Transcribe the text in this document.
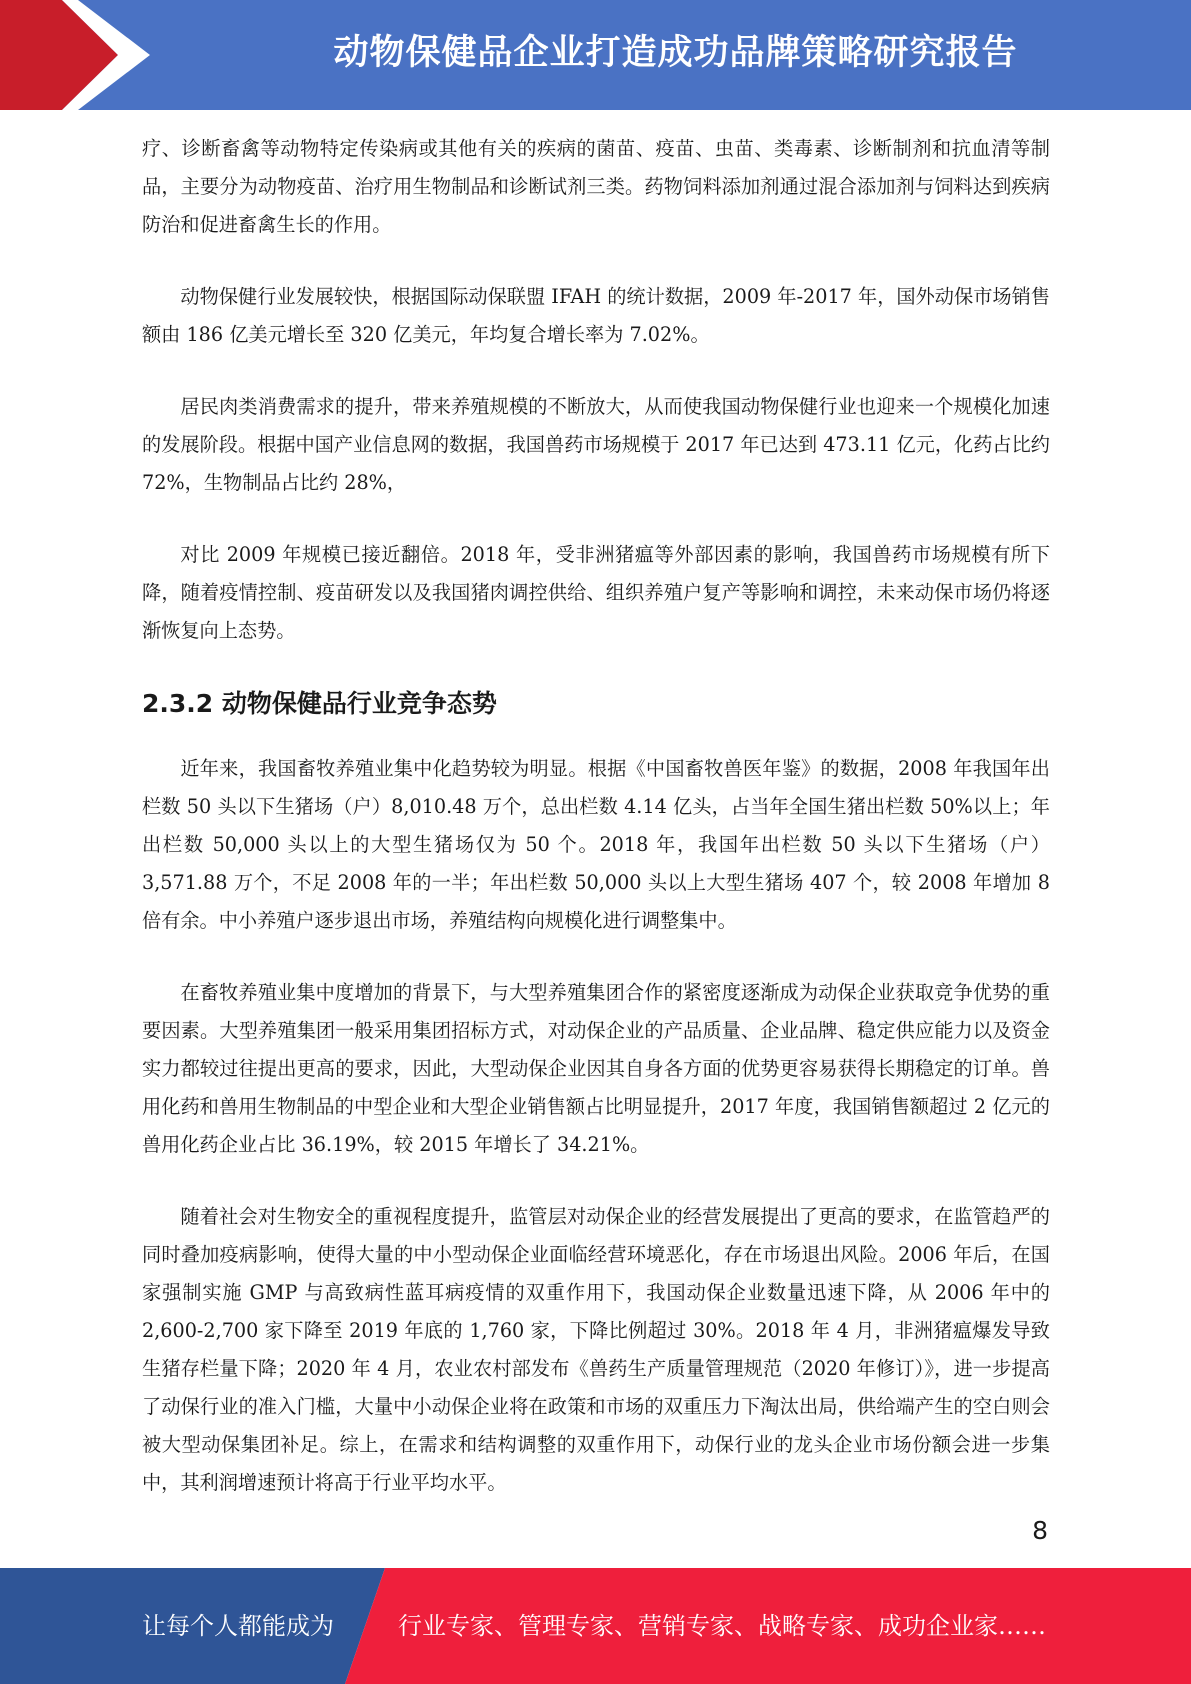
动物保健品企业打造成功品牌策略研究报告

疗、诊断畜禽等动物特定传染病或其他有关的疾病的菌苗、疫苗、虫苗、类毒素、诊断制剂和抗血清等制品，主要分为动物疫苗、治疗用生物制品和诊断试剂三类。药物饲料添加剂通过混合添加剂与饲料达到疾病防治和促进畜禽生长的作用。

动物保健行业发展较快，根据国际动保联盟 IFAH 的统计数据，2009 年-2017 年，国外动保市场销售额由 186 亿美元增长至 320 亿美元，年均复合增长率为 7.02%。

居民肉类消费需求的提升，带来养殖规模的不断放大，从而使我国动物保健行业也迎来一个规模化加速的发展阶段。根据中国产业信息网的数据，我国兽药市场规模于 2017 年已达到 473.11 亿元，化药占比约 72%，生物制品占比约 28%，

对比 2009 年规模已接近翻倍。2018 年，受非洲猪瘟等外部因素的影响，我国兽药市场规模有所下降，随着疫情控制、疫苗研发以及我国猪肉调控供给、组织养殖户复产等影响和调控，未来动保市场仍将逐渐恢复向上态势。

2.3.2 动物保健品行业竞争态势

近年来，我国畜牧养殖业集中化趋势较为明显。根据《中国畜牧兽医年鉴》的数据，2008 年我国年出栏数 50 头以下生猪场（户）8,010.48 万个，总出栏数 4.14 亿头，占当年全国生猪出栏数 50%以上；年出栏数 50,000 头以上的大型生猪场仅为 50 个。2018 年，我国年出栏数 50 头以下生猪场（户）3,571.88 万个，不足 2008 年的一半；年出栏数 50,000 头以上大型生猪场 407 个，较 2008 年增加 8 倍有余。中小养殖户逐步退出市场，养殖结构向规模化进行调整集中。

在畜牧养殖业集中度增加的背景下，与大型养殖集团合作的紧密度逐渐成为动保企业获取竞争优势的重要因素。大型养殖集团一般采用集团招标方式，对动保企业的产品质量、企业品牌、稳定供应能力以及资金实力都较过往提出更高的要求，因此，大型动保企业因其自身各方面的优势更容易获得长期稳定的订单。兽用化药和兽用生物制品的中型企业和大型企业销售额占比明显提升，2017 年度，我国销售额超过 2 亿元的兽用化药企业占比 36.19%，较 2015 年增长了 34.21%。

随着社会对生物安全的重视程度提升，监管层对动保企业的经营发展提出了更高的要求，在监管趋严的同时叠加疫病影响，使得大量的中小型动保企业面临经营环境恶化，存在市场退出风险。2006 年后，在国家强制实施 GMP 与高致病性蓝耳病疫情的双重作用下，我国动保企业数量迅速下降，从 2006 年中的 2,600-2,700 家下降至 2019 年底的 1,760 家，下降比例超过 30%。2018 年 4 月，非洲猪瘟爆发导致生猪存栏量下降；2020 年 4 月，农业农村部发布《兽药生产质量管理规范（2020 年修订）》，进一步提高了动保行业的准入门槛，大量中小动保企业将在政策和市场的双重压力下淘汰出局，供给端产生的空白则会被大型动保集团补足。综上，在需求和结构调整的双重作用下，动保行业的龙头企业市场份额会进一步集中，其利润增速预计将高于行业平均水平。

8
让每个人都能成为	行业专家、管理专家、营销专家、战略专家、成功企业家……
